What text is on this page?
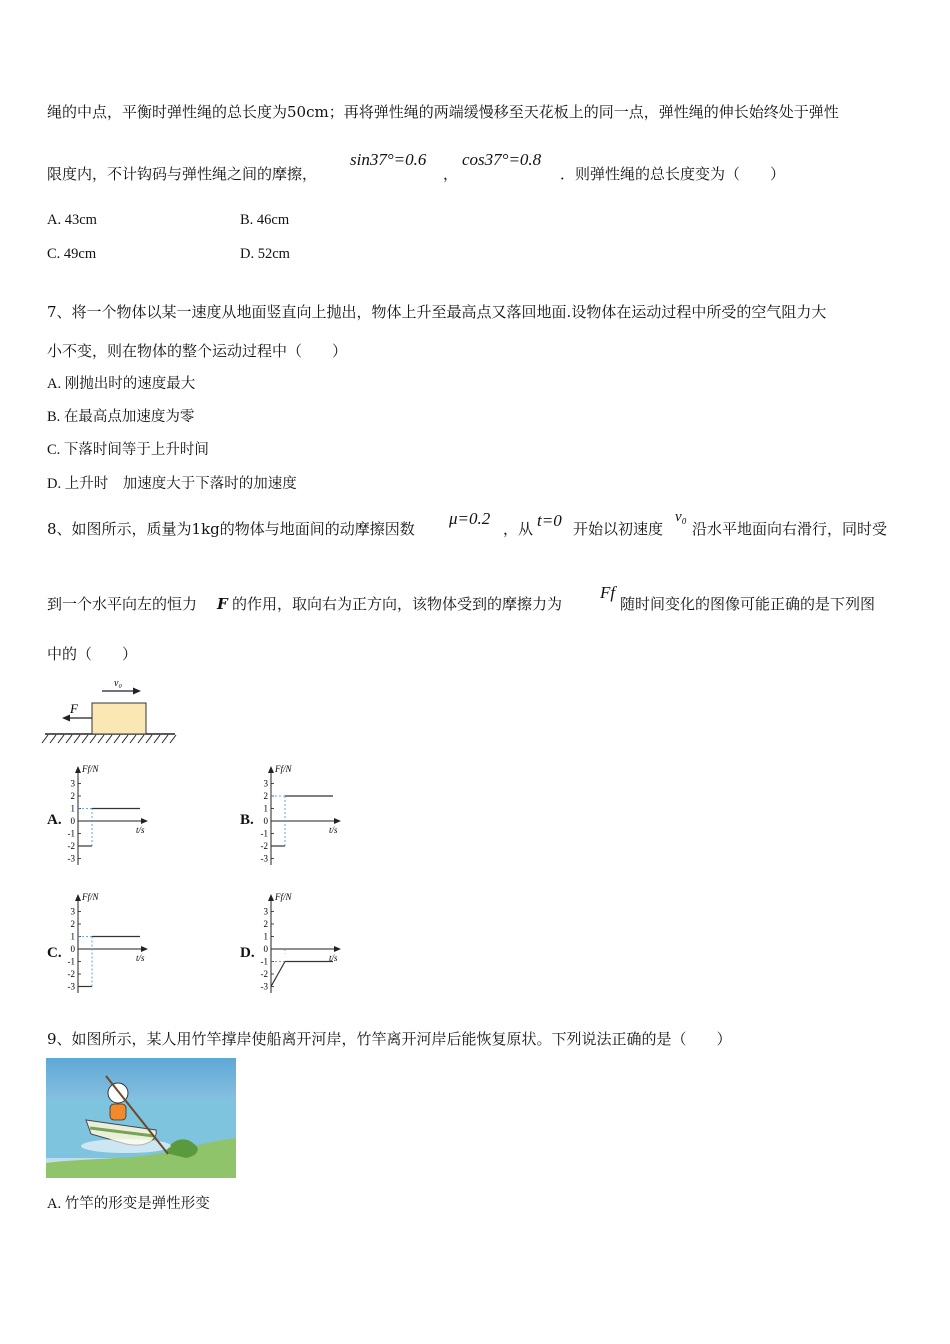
绳的中点，平衡时弹性绳的总长度为50cm；再将弹性绳的两端缓慢移至天花板上的同一点，弹性绳的伸长始终处于弹性
限度内，不计钩码与弹性绳之间的摩擦，
sin37°=0.6
，
cos37°=0.8
．则弹性绳的总长度变为（　　）
A. 43cm	B. 46cm
C. 49cm	D. 52cm
7、将一个物体以某一速度从地面竖直向上抛出，物体上升至最高点又落回地面.设物体在运动过程中所受的空气阻力大
小不变，则在物体的整个运动过程中（　　）
A. 刚抛出时的速度最大
B. 在最高点加速度为零
C. 下落时间等于上升时间
D. 上升时　加速度大于下落时的加速度
8、如图所示，质量为1kg的物体与地面间的动摩擦因数
μ=0.2
，从 t=0 开始以初速度
v₀
沿水平地面向右滑行，同时受
到一个水平向左的恒力 F 的作用，取向右为正方向，该物体受到的摩擦力为
Ff
随时间变化的图像可能正确的是下列图
中的（　　）
F
v₀
A.
Ff/N
t/s
3
2
1
0
-1
-2
-3
B.
Ff/N
t/s
3
2
1
0
-1
-2
-3
C.
Ff/N
t/s
3
2
1
0
-1
-2
-3
D.
Ff/N
t/s
3
2
1
0
-1
-2
-3
9、如图所示，某人用竹竿撑岸使船离开河岸，竹竿离开河岸后能恢复原状。下列说法正确的是（　　）
A. 竹竿的形变是弹性形变
